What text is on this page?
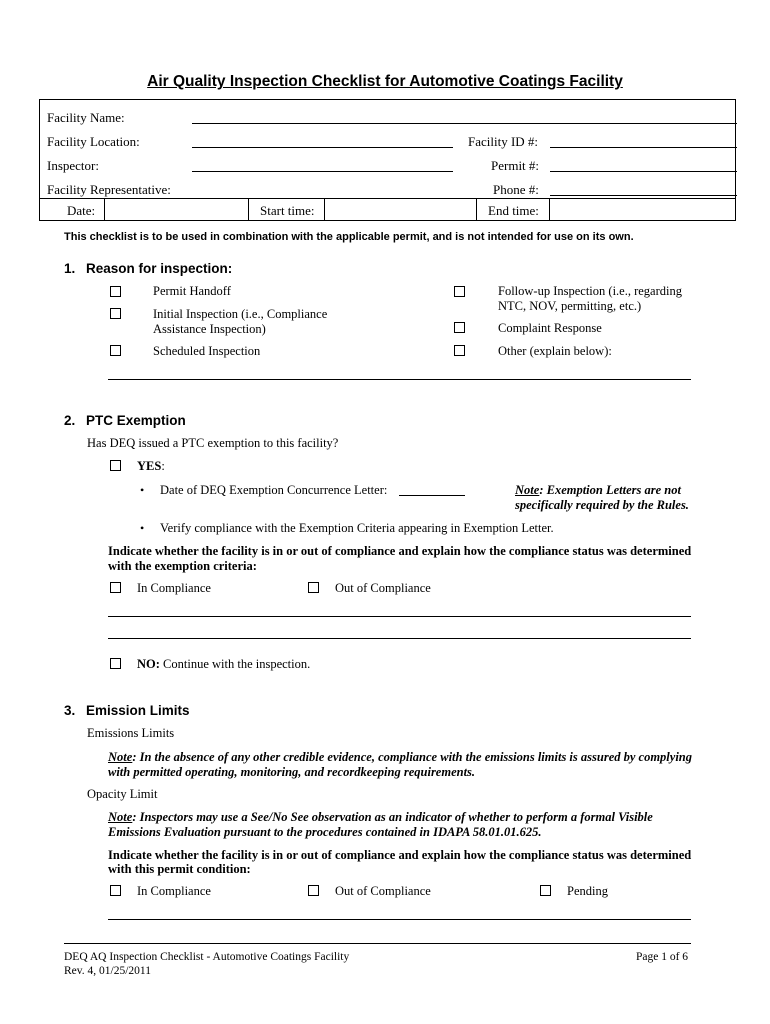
Air Quality Inspection Checklist for Automotive Coatings Facility
Facility Name:
Facility Location:	Facility ID #:
Inspector:	Permit #:
Facility Representative:	Phone #:
Date:	Start time:	End time:
This checklist is to be used in combination with the applicable permit, and is not intended for use on its own.
1. Reason for inspection:
Permit Handoff
Initial Inspection (i.e., Compliance
Assistance Inspection)
Scheduled Inspection
Follow-up Inspection (i.e., regarding
NTC, NOV, permitting, etc.)
Complaint Response
Other (explain below):
2. PTC Exemption
Has DEQ issued a PTC exemption to this facility?
YES:
• Date of DEQ Exemption Concurrence Letter:	Note: Exemption Letters are not
specifically required by the Rules.
• Verify compliance with the Exemption Criteria appearing in Exemption Letter.
Indicate whether the facility is in or out of compliance and explain how the compliance status was determined
with the exemption criteria:
In Compliance	Out of Compliance
NO: Continue with the inspection.
3. Emission Limits
Emissions Limits
Note: In the absence of any other credible evidence, compliance with the emissions limits is assured by complying
with permitted operating, monitoring, and recordkeeping requirements.
Opacity Limit
Note: Inspectors may use a See/No See observation as an indicator of whether to perform a formal Visible
Emissions Evaluation pursuant to the procedures contained in IDAPA 58.01.01.625.
Indicate whether the facility is in or out of compliance and explain how the compliance status was determined
with this permit condition:
In Compliance	Out of Compliance	Pending
DEQ AQ Inspection Checklist - Automotive Coatings Facility
Rev. 4, 01/25/2011
Page 1 of 6
